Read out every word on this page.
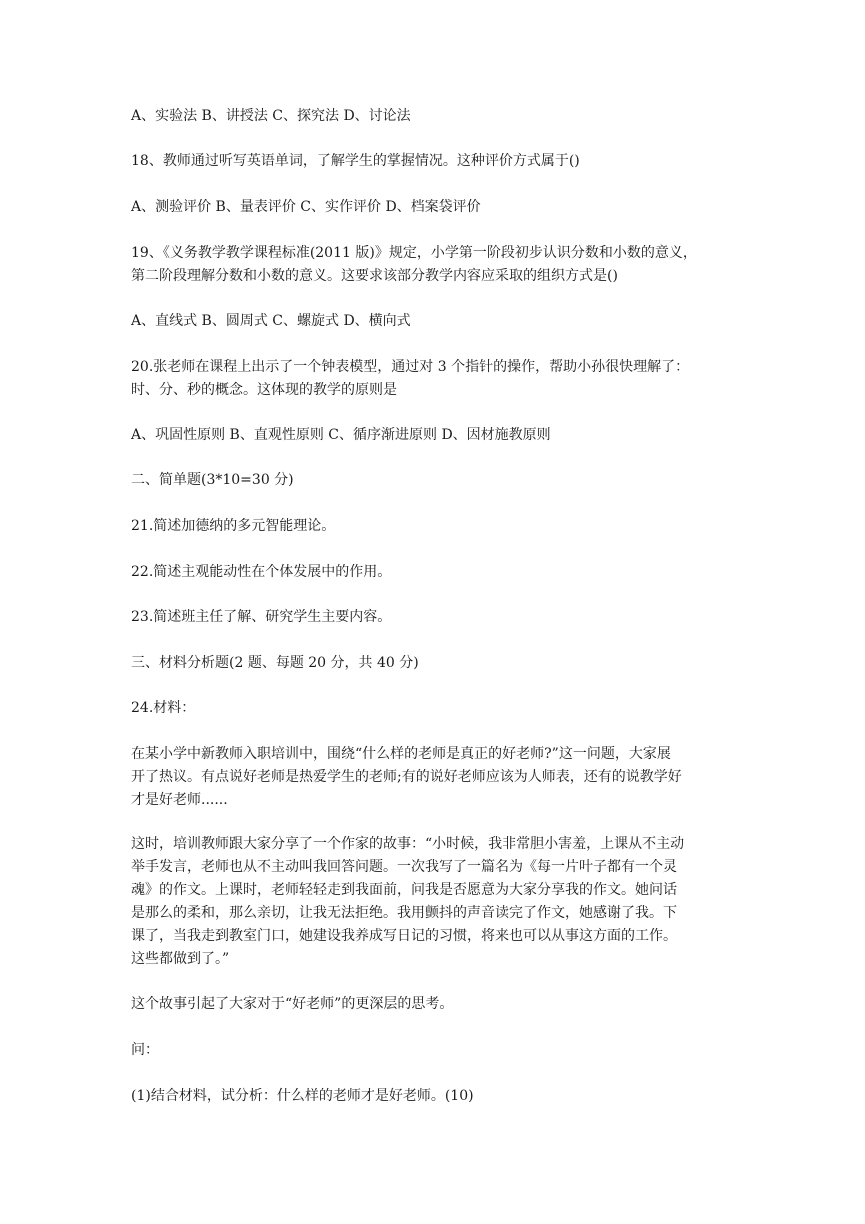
A、实验法 B、讲授法 C、探究法 D、讨论法
18、教师通过听写英语单词，了解学生的掌握情况。这种评价方式属于()
A、测验评价 B、量表评价 C、实作评价 D、档案袋评价
19、《义务教学教学课程标准(2011 版)》规定，小学第一阶段初步认识分数和小数的意义，
第二阶段理解分数和小数的意义。这要求该部分教学内容应采取的组织方式是()
A、直线式 B、圆周式 C、螺旋式 D、横向式
20.张老师在课程上出示了一个钟表模型，通过对 3 个指针的操作，帮助小孙很快理解了：
时、分、秒的概念。这体现的教学的原则是
A、巩固性原则 B、直观性原则 C、循序渐进原则 D、因材施教原则
二、简单题(3*10=30 分)
21.简述加德纳的多元智能理论。
22.简述主观能动性在个体发展中的作用。
23.简述班主任了解、研究学生主要内容。
三、材料分析题(2 题、每题 20 分，共 40 分)
24.材料：
在某小学中新教师入职培训中，围绕“什么样的老师是真正的好老师?”这一问题，大家展
开了热议。有点说好老师是热爱学生的老师;有的说好老师应该为人师表，还有的说教学好
才是好老师......
这时，培训教师跟大家分享了一个作家的故事：“小时候，我非常胆小害羞，上课从不主动
举手发言，老师也从不主动叫我回答问题。一次我写了一篇名为《每一片叶子都有一个灵
魂》的作文。上课时，老师轻轻走到我面前，问我是否愿意为大家分享我的作文。她问话
是那么的柔和，那么亲切，让我无法拒绝。我用颤抖的声音读完了作文，她感谢了我。下
课了，当我走到教室门口，她建设我养成写日记的习惯，将来也可以从事这方面的工作。
这些都做到了。”
这个故事引起了大家对于“好老师”的更深层的思考。
问：
(1)结合材料，试分析：什么样的老师才是好老师。(10)
